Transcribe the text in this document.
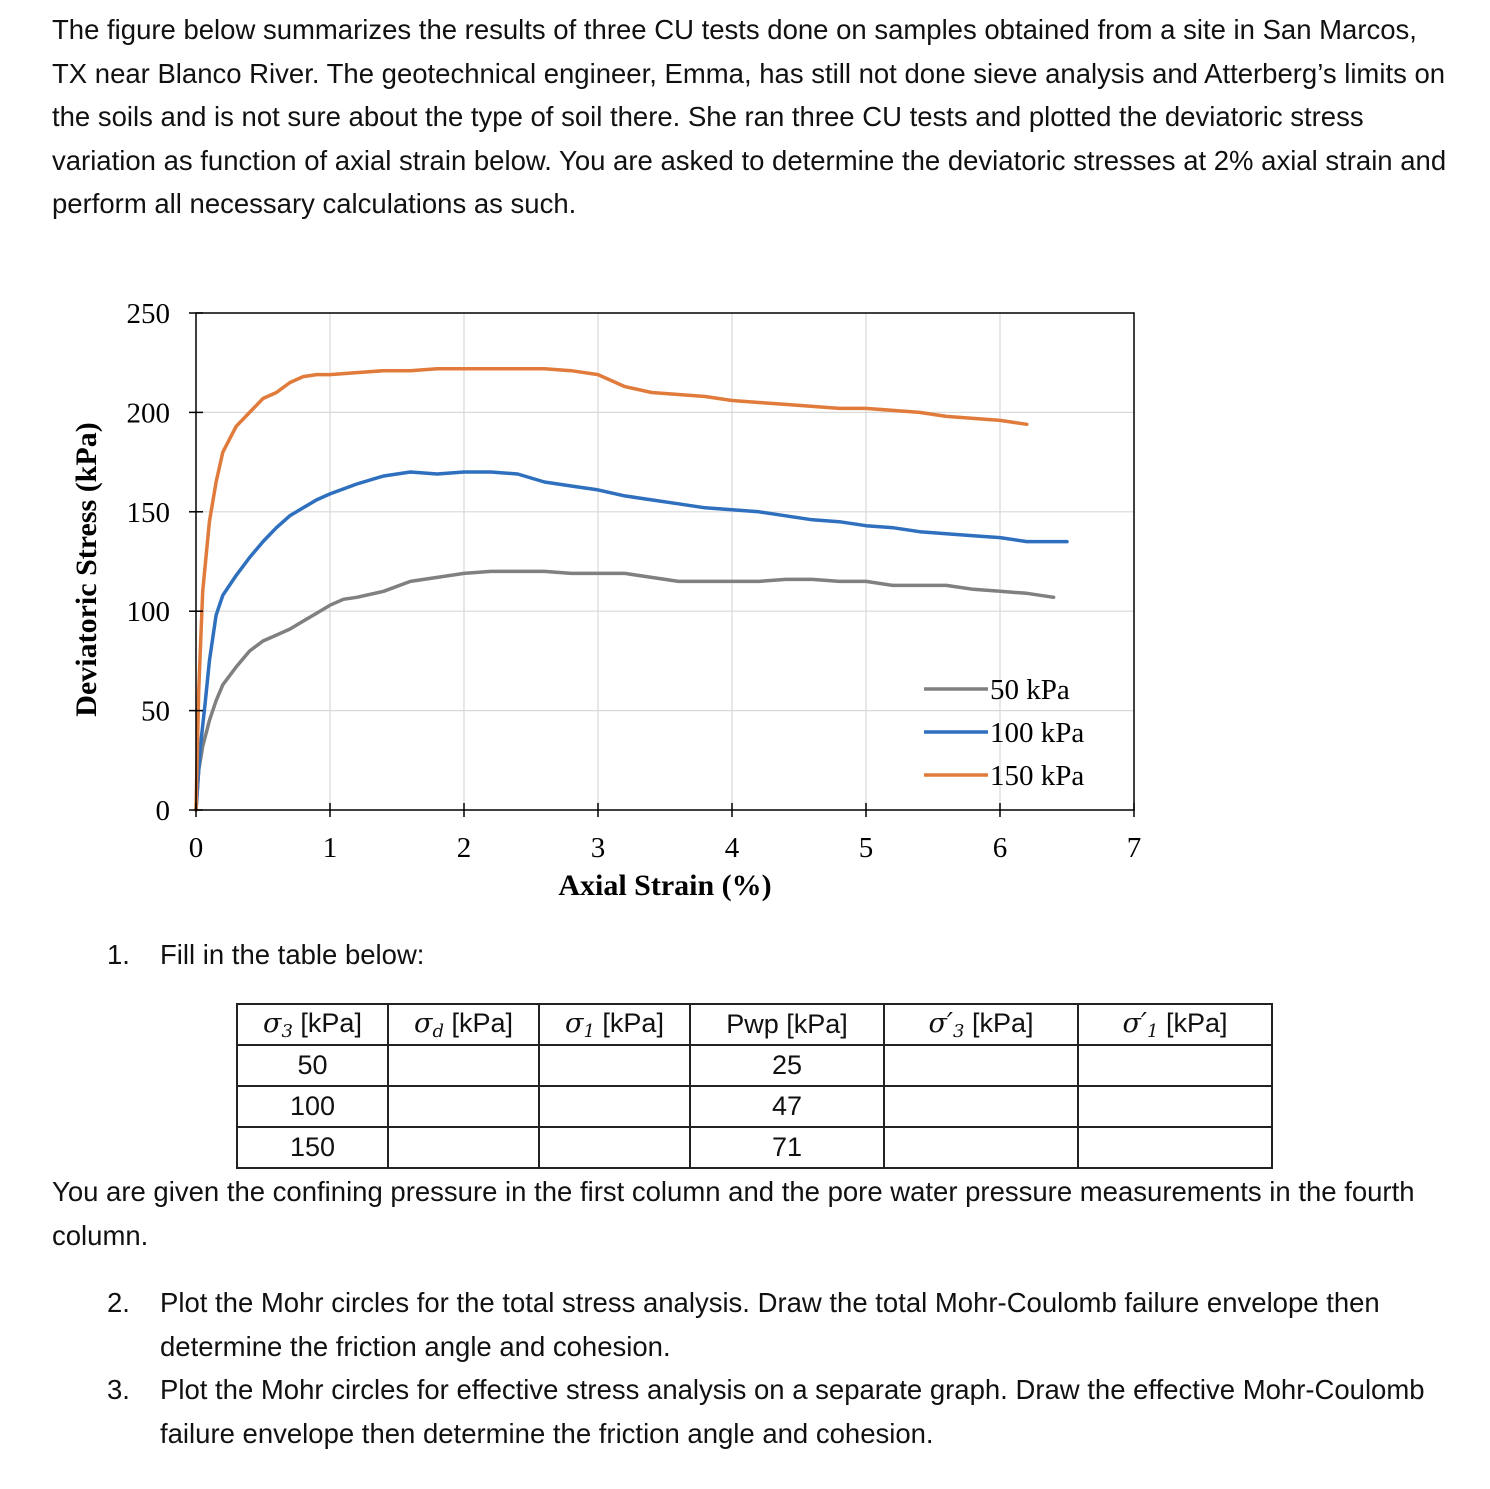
The figure below summarizes the results of three CU tests done on samples obtained from a site in San Marcos, TX near Blanco River. The geotechnical engineer, Emma, has still not done sieve analysis and Atterberg’s limits on the soils and is not sure about the type of soil there. She ran three CU tests and plotted the deviatoric stress variation as function of axial strain below. You are asked to determine the deviatoric stresses at 2% axial strain and perform all necessary calculations as such.

0	1	2	3	4	5	6	7
0
50
100
150
200
250
Axial Strain (%)
Deviatoric Stress (kPa)	50 kPa
100 kPa
150 kPa
1.	Fill in the table below:
$\sigma_3$ [kPa]	$\sigma_d$ [kPa]	$\sigma_1$ [kPa]	Pwp [kPa]	$\sigma'_3$ [kPa]	$\sigma'_1$ [kPa]
50			25		
100			47		
150			71		

You are given the confining pressure in the first column and the pore water pressure measurements in the fourth column.

2.	Plot the Mohr circles for the total stress analysis. Draw the total Mohr-Coulomb failure envelope then determine the friction angle and cohesion.
3.	Plot the Mohr circles for effective stress analysis on a separate graph. Draw the effective Mohr-Coulomb failure envelope then determine the friction angle and cohesion.
